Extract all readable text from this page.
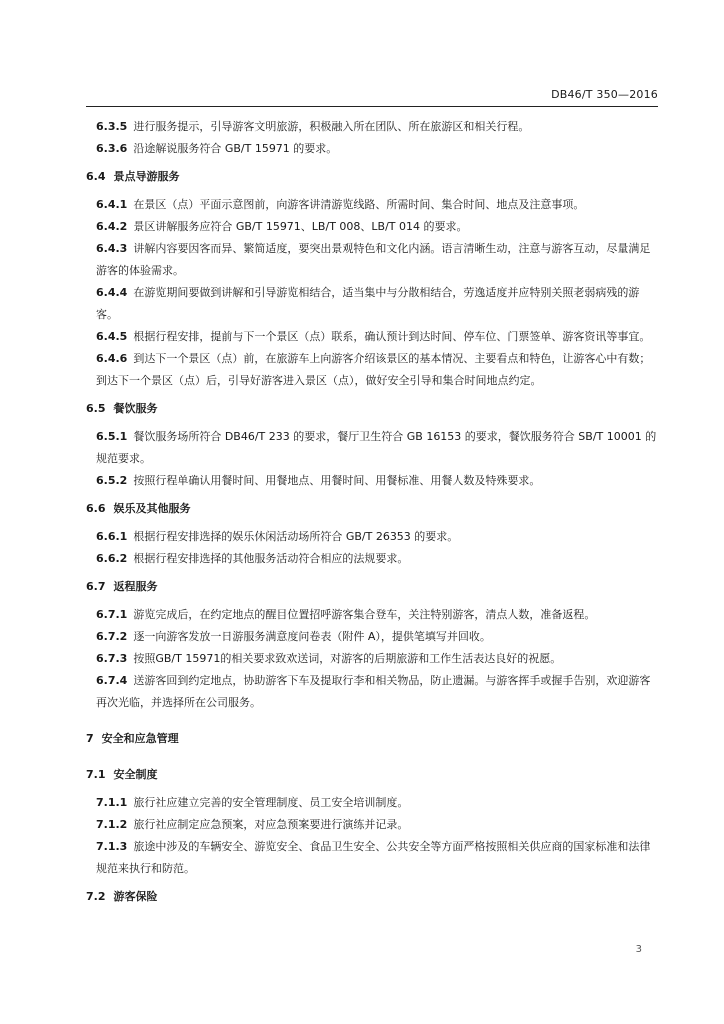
DB46/T 350—2016

6.3.5 进行服务提示，引导游客文明旅游，积极融入所在团队、所在旅游区和相关行程。

6.3.6 沿途解说服务符合 GB/T 15971 的要求。

6.4 景点导游服务

6.4.1 在景区（点）平面示意图前，向游客讲清游览线路、所需时间、集合时间、地点及注意事项。

6.4.2 景区讲解服务应符合 GB/T 15971、LB/T 008、LB/T 014 的要求。

6.4.3 讲解内容要因客而异、繁简适度，要突出景观特色和文化内涵。语言清晰生动，注意与游客互动，尽量满足游客的体验需求。

6.4.4 在游览期间要做到讲解和引导游览相结合，适当集中与分散相结合，劳逸适度并应特别关照老弱病残的游客。

6.4.5 根据行程安排，提前与下一个景区（点）联系，确认预计到达时间、停车位、门票签单、游客资讯等事宜。

6.4.6 到达下一个景区（点）前，在旅游车上向游客介绍该景区的基本情况、主要看点和特色，让游客心中有数；到达下一个景区（点）后，引导好游客进入景区（点），做好安全引导和集合时间地点约定。

6.5 餐饮服务

6.5.1 餐饮服务场所符合 DB46/T 233 的要求，餐厅卫生符合 GB 16153 的要求，餐饮服务符合 SB/T 10001 的规范要求。

6.5.2 按照行程单确认用餐时间、用餐地点、用餐时间、用餐标准、用餐人数及特殊要求。

6.6 娱乐及其他服务

6.6.1 根据行程安排选择的娱乐休闲活动场所符合 GB/T 26353 的要求。

6.6.2 根据行程安排选择的其他服务活动符合相应的法规要求。

6.7 返程服务

6.7.1 游览完成后，在约定地点的醒目位置招呼游客集合登车，关注特别游客，清点人数，准备返程。

6.7.2 逐一向游客发放一日游服务满意度问卷表（附件 A），提供笔填写并回收。

6.7.3 按照GB/T 15971的相关要求致欢送词，对游客的后期旅游和工作生活表达良好的祝愿。

6.7.4 送游客回到约定地点，协助游客下车及提取行李和相关物品，防止遗漏。与游客挥手或握手告别，欢迎游客再次光临，并选择所在公司服务。

7 安全和应急管理

7.1 安全制度

7.1.1 旅行社应建立完善的安全管理制度、员工安全培训制度。

7.1.2 旅行社应制定应急预案，对应急预案要进行演练并记录。

7.1.3 旅途中涉及的车辆安全、游览安全、食品卫生安全、公共安全等方面严格按照相关供应商的国家标准和法律规范来执行和防范。

7.2 游客保险

3
